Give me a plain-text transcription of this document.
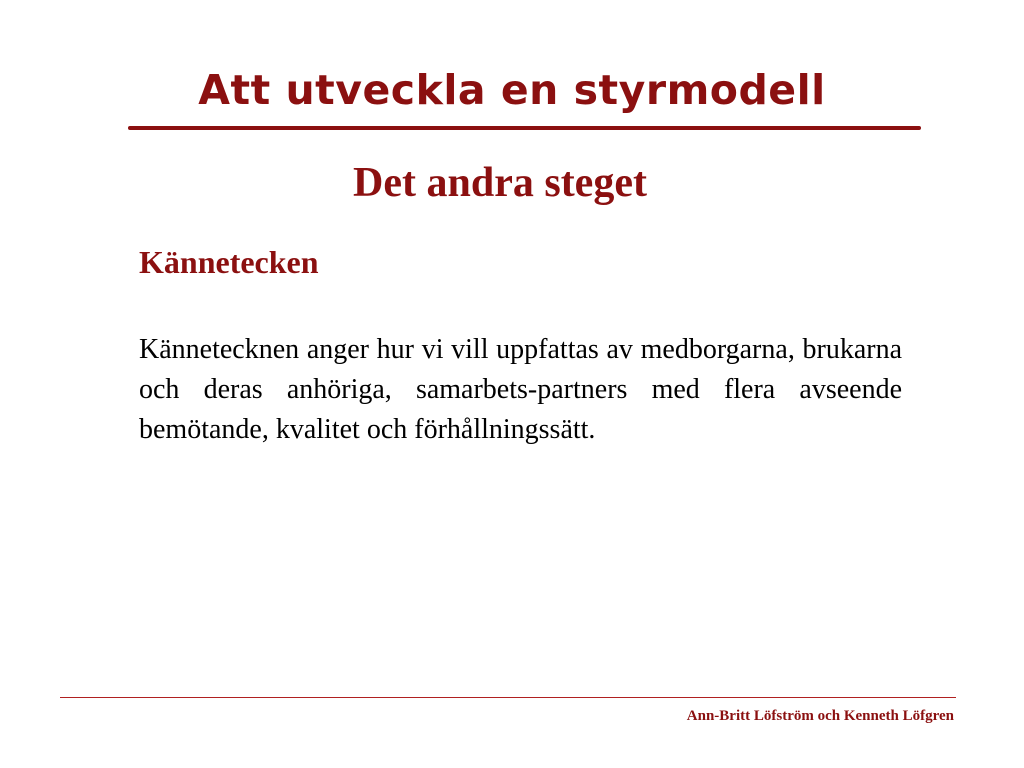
Att utveckla en styrmodell
Det andra steget
Kännetecken
Kännetecknen anger hur vi vill uppfattas av medborgarna, brukarna och deras anhöriga, samarbets-partners med flera avseende bemötande, kvalitet och förhållningssätt.
Ann-Britt Löfström och Kenneth Löfgren
